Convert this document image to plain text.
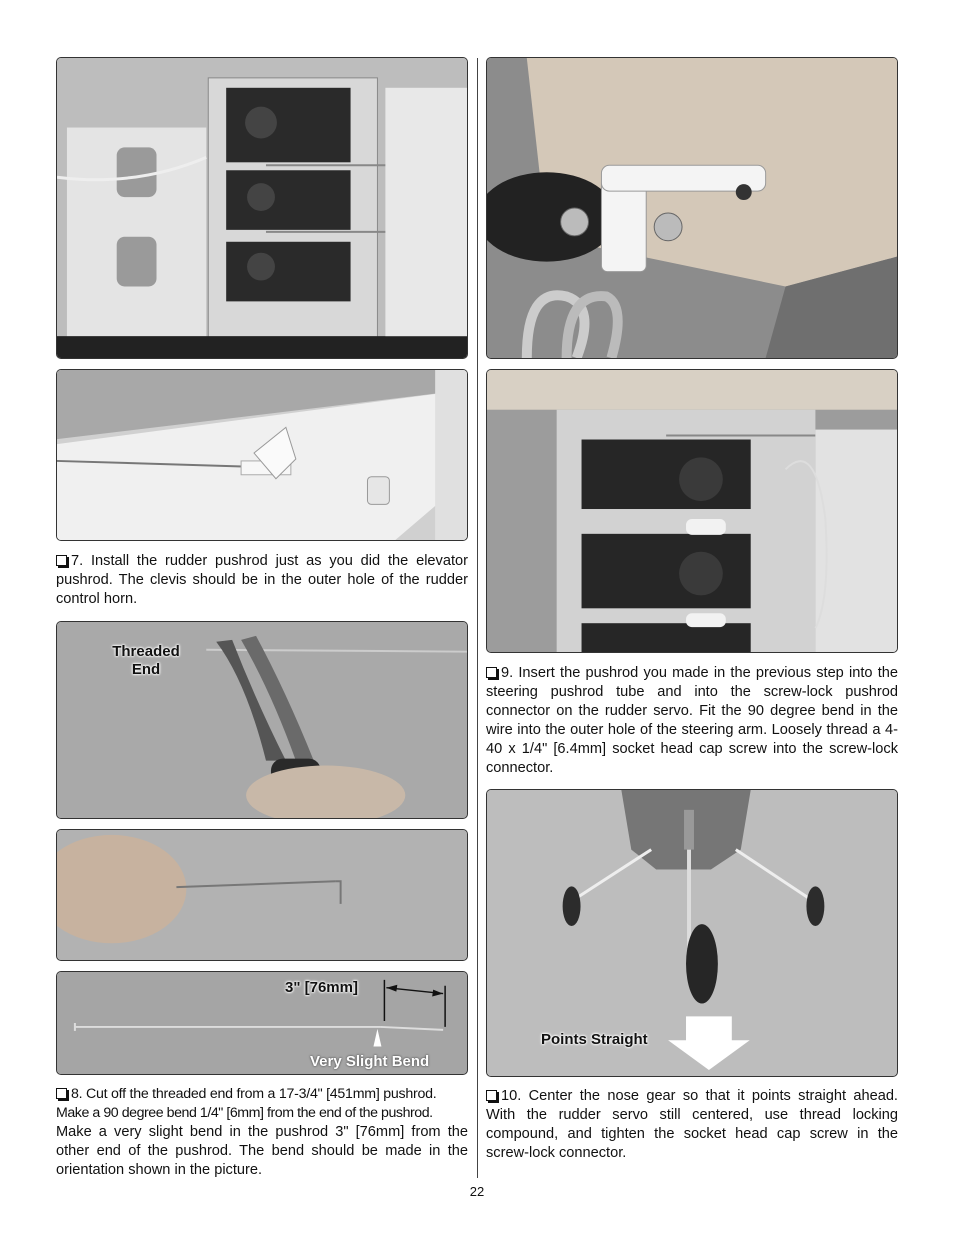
7. Install the rudder pushrod just as you did the elevator pushrod. The clevis should be in the outer hole of the rudder control horn.

Threaded
End
3" [76mm]
Very Slight Bend
8. Cut off the threaded end from a 17-3/4" [451mm] pushrod.
Make a 90 degree bend 1/4" [6mm] from the end of the pushrod.
Make a very slight bend in the pushrod 3" [76mm] from the other end of the pushrod. The bend should be made in the orientation shown in the picture.

9. Insert the pushrod you made in the previous step into the steering pushrod tube and into the screw-lock pushrod connector on the rudder servo. Fit the 90 degree bend in the wire into the outer hole of the steering arm. Loosely thread a 4-40 x 1/4" [6.4mm] socket head cap screw into the screw-lock connector.

Points Straight

10. Center the nose gear so that it points straight ahead. With the rudder servo still centered, use thread locking compound, and tighten the socket head cap screw in the screw-lock connector.

22
